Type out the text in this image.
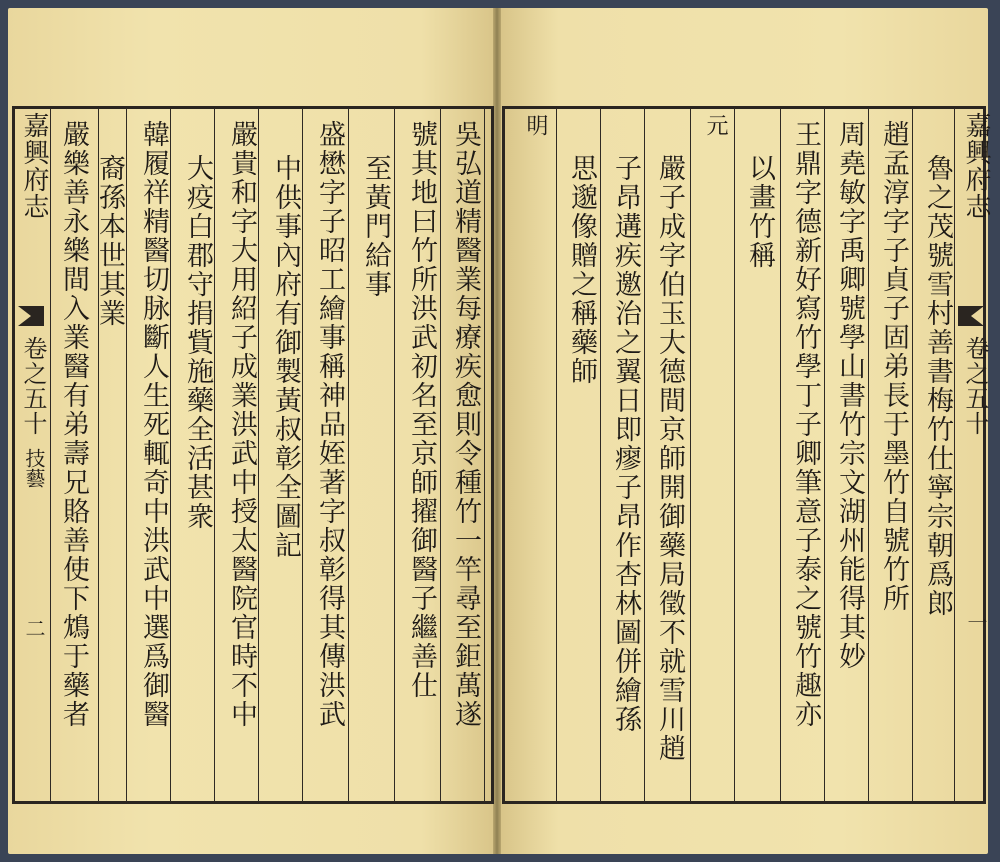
嘉興府志
卷之五十
技藝
二	吳弘道精醫業每療疾愈則令種竹一竿尋至鉅萬遂
號其地曰竹所洪武初名至京師擢御醫子繼善仕
至黃門給事
盛懋字子昭工繪事稱神品姪著字叔彰得其傳洪武
中供事內府有御製黃叔彰全圖記
嚴貴和字大用紹子成業洪武中授太醫院官時不中
大疫白郡守捐貲施藥全活甚衆
韓履祥精醫切脉斷人生死輒奇中洪武中選爲御醫
裔孫本世其業
嚴樂善永樂間入業醫有弟壽兄賂善使下鴆于藥者	嘉興府志
卷之五十
一
魯之茂號雪村善書梅竹仕寧宗朝爲郎
趙孟淳字子貞子固弟長于墨竹自號竹所
周堯敏字禹卿號學山書竹宗文湖州能得其妙
王鼎字德新好寫竹學丁子卿筆意子泰之號竹趣亦
以畫竹稱
元
嚴子成字伯玉大德間京師開御藥局徵不就雪川趙
子昂遘疾邀治之翼日即瘳子昂作杏林圖併繪孫
思邈像贈之稱藥師
明
